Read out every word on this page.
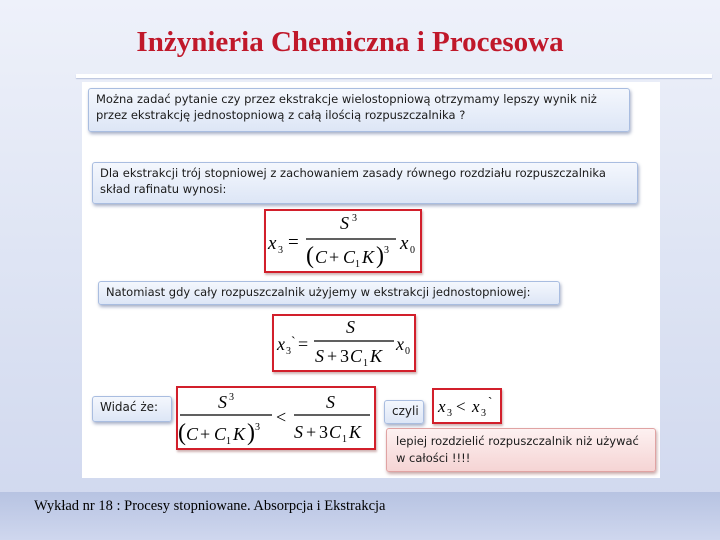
Inżynieria Chemiczna i Procesowa
Można zadać pytanie czy przez ekstrakcje wielostopniową otrzymamy lepszy wynik niż przez ekstrakcję jednostopniową z całą ilością rozpuszczalnika ?
Dla ekstrakcji trój stopniowej z zachowaniem zasady równego rozdziału rozpuszczalnika skład rafinatu wynosi:
x 3 =
S 3
( C + C 1 K ) 3 x 0
Natomiast gdy cały rozpuszczalnik użyjemy w ekstrakcji jednostopniowej:
x 3
` =
S
S + 3 C 1 K
x 0
Widać że:	S 3
( C + C 1 K ) 3
<
S
S + 3 C 1 K
czyli	x 3 < x 3
`
lepiej rozdzielić rozpuszczalnik niż używać w całości !!!!
Wykład nr 18 : Procesy stopniowane. Absorpcja i Ekstrakcja
